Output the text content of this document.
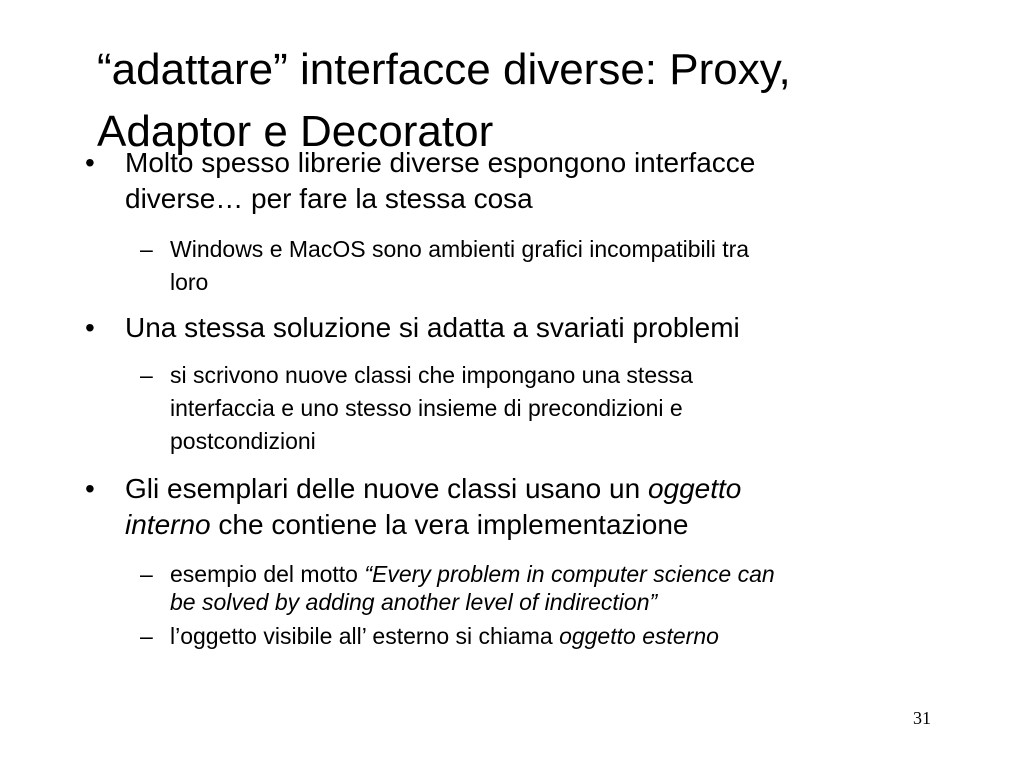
“adattare” interfacce diverse: Proxy,
Adaptor e Decorator
• Molto spesso librerie diverse espongono interfacce
diverse… per fare la stessa cosa
– Windows e MacOS sono ambienti grafici incompatibili tra
loro
• Una stessa soluzione si adatta a svariati problemi
– si scrivono nuove classi che impongano una stessa
interfaccia e uno stesso insieme di precondizioni e
postcondizioni
• Gli esemplari delle nuove classi usano un oggetto
interno che contiene la vera implementazione
– esempio del motto “Every problem in computer science can
be solved by adding another level of indirection”
– l’oggetto visibile all’ esterno si chiama oggetto esterno
31
